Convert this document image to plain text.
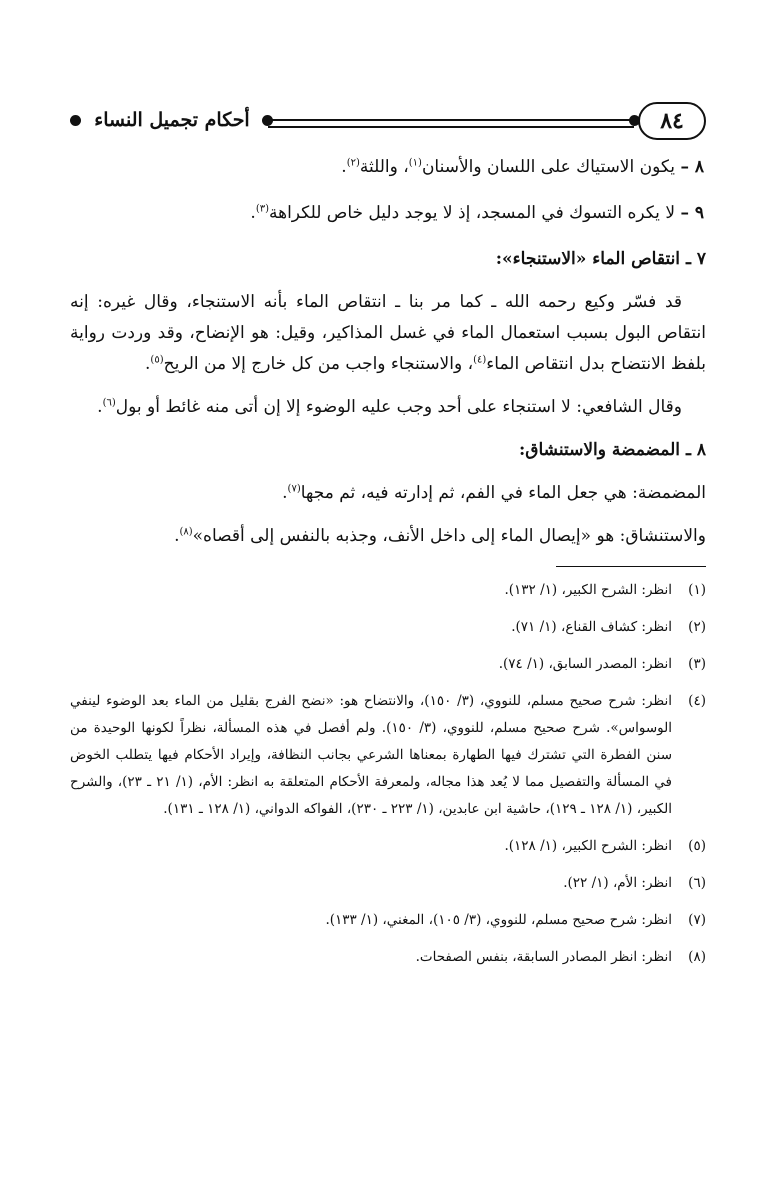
٨٤
أحكام تجميل النساء

٨ – يكون الاستياك على اللسان والأسنان$^{(١)}$، واللثة$^{(٢)}$.

٩ – لا يكره التسوك في المسجد، إذ لا يوجد دليل خاص للكراهة$^{(٣)}$.

٧ ـ انتقاص الماء «الاستنجاء»:

قد فسّر وكيع رحمه الله ـ كما مر بنا ـ انتقاص الماء بأنه الاستنجاء، وقال غيره: إنه انتقاص البول بسبب استعمال الماء في غسل المذاكير، وقيل: هو الإنضاح، وقد وردت رواية بلفظ الانتضاح بدل انتقاص الماء$^{(٤)}$، والاستنجاء واجب من كل خارج إلا من الريح$^{(٥)}$.

وقال الشافعي: لا استنجاء على أحد وجب عليه الوضوء إلا إن أتى منه غائط أو بول$^{(٦)}$.

٨ ـ المضمضة والاستنشاق:

المضمضة: هي جعل الماء في الفم، ثم إدارته فيه، ثم مجها$^{(٧)}$.

والاستنشاق: هو «إيصال الماء إلى داخل الأنف، وجذبه بالنفس إلى أقصاه»$^{(٨)}$.

(١)
انظر: الشرح الكبير، (١/ ١٣٢).
(٢)
انظر: كشاف القناع، (١/ ٧١).
(٣)
انظر: المصدر السابق، (١/ ٧٤).
(٤)
انظر: شرح صحيح مسلم، للنووي، (٣/ ١٥٠)، والانتضاح هو: «نضح الفرج بقليل من الماء بعد الوضوء لينفي الوسواس». شرح صحيح مسلم، للنووي، (٣/ ١٥٠). ولم أفصل في هذه المسألة، نظراً لكونها الوحيدة من سنن الفطرة التي تشترك فيها الطهارة بمعناها الشرعي بجانب النظافة، وإيراد الأحكام فيها يتطلب الخوض في المسألة والتفصيل مما لا يُعد هذا مجاله، ولمعرفة الأحكام المتعلقة به انظر: الأم، (١/ ٢١ ـ ٢٣)، والشرح الكبير، (١/ ١٢٨ ـ ١٢٩)، حاشية ابن عابدين، (١/ ٢٢٣ ـ ٢٣٠)، الفواكه الدواني، (١/ ١٢٨ ـ ١٣١).
(٥)
انظر: الشرح الكبير، (١/ ١٢٨).
(٦)
انظر: الأم، (١/ ٢٢).
(٧)
انظر: شرح صحيح مسلم، للنووي، (٣/ ١٠٥)، المغني، (١/ ١٣٣).
(٨)
انظر: انظر المصادر السابقة، بنفس الصفحات.
